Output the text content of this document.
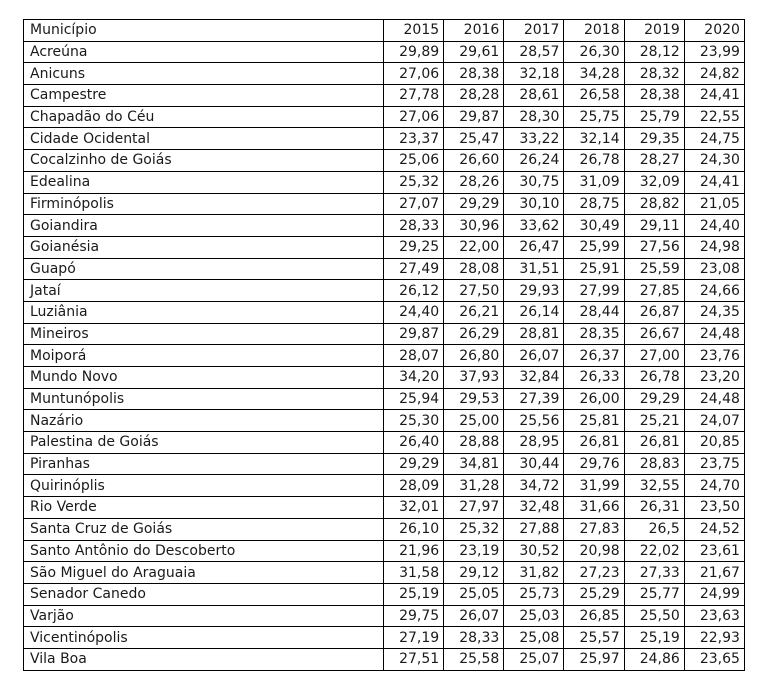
Município	2015	2016	2017	2018	2019	2020
Acreúna	29,89	29,61	28,57	26,30	28,12	23,99
Anicuns	27,06	28,38	32,18	34,28	28,32	24,82
Campestre	27,78	28,28	28,61	26,58	28,38	24,41
Chapadão do Céu	27,06	29,87	28,30	25,75	25,79	22,55
Cidade Ocidental	23,37	25,47	33,22	32,14	29,35	24,75
Cocalzinho de Goiás	25,06	26,60	26,24	26,78	28,27	24,30
Edealina	25,32	28,26	30,75	31,09	32,09	24,41
Firminópolis	27,07	29,29	30,10	28,75	28,82	21,05
Goiandira	28,33	30,96	33,62	30,49	29,11	24,40
Goianésia	29,25	22,00	26,47	25,99	27,56	24,98
Guapó	27,49	28,08	31,51	25,91	25,59	23,08
Jataí	26,12	27,50	29,93	27,99	27,85	24,66
Luziânia	24,40	26,21	26,14	28,44	26,87	24,35
Mineiros	29,87	26,29	28,81	28,35	26,67	24,48
Moiporá	28,07	26,80	26,07	26,37	27,00	23,76
Mundo Novo	34,20	37,93	32,84	26,33	26,78	23,20
Muntunópolis	25,94	29,53	27,39	26,00	29,29	24,48
Nazário	25,30	25,00	25,56	25,81	25,21	24,07
Palestina de Goiás	26,40	28,88	28,95	26,81	26,81	20,85
Piranhas	29,29	34,81	30,44	29,76	28,83	23,75
Quirinóplis	28,09	31,28	34,72	31,99	32,55	24,70
Rio Verde	32,01	27,97	32,48	31,66	26,31	23,50
Santa Cruz de Goiás	26,10	25,32	27,88	27,83	26,5	24,52
Santo Antônio do Descoberto	21,96	23,19	30,52	20,98	22,02	23,61
São Miguel do Araguaia	31,58	29,12	31,82	27,23	27,33	21,67
Senador Canedo	25,19	25,05	25,73	25,29	25,77	24,99
Varjão	29,75	26,07	25,03	26,85	25,50	23,63
Vicentinópolis	27,19	28,33	25,08	25,57	25,19	22,93
Vila Boa	27,51	25,58	25,07	25,97	24,86	23,65
